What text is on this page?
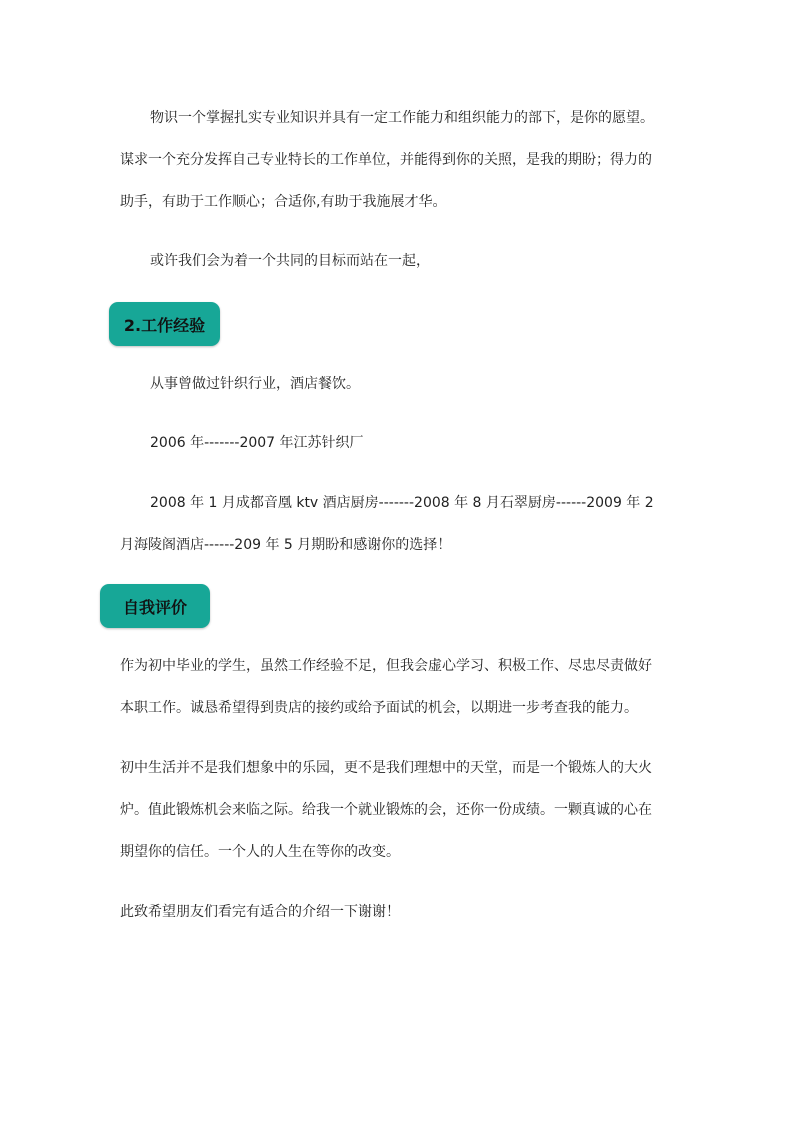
物识一个掌握扎实专业知识并具有一定工作能力和组织能力的部下，是你的愿望。
谋求一个充分发挥自己专业特长的工作单位，并能得到你的关照，是我的期盼；得力的
助手，有助于工作顺心；合适你,有助于我施展才华。
或许我们会为着一个共同的目标而站在一起，
2.工作经验
从事曾做过针织行业，酒店餐饮。
2006 年-------2007 年江苏针织厂
2008 年 1 月成都音凰 ktv 酒店厨房-------2008 年 8 月石翠厨房------2009 年 2
月海陵阁酒店------209 年 5 月期盼和感谢你的选择！
自我评价
作为初中毕业的学生，虽然工作经验不足，但我会虚心学习、积极工作、尽忠尽责做好
本职工作。诚恳希望得到贵店的接约或给予面试的机会，以期进一步考查我的能力。
初中生活并不是我们想象中的乐园，更不是我们理想中的天堂，而是一个锻炼人的大火
炉。值此锻炼机会来临之际。给我一个就业锻炼的会，还你一份成绩。一颗真诚的心在
期望你的信任。一个人的人生在等你的改变。
此致希望朋友们看完有适合的介绍一下谢谢！
